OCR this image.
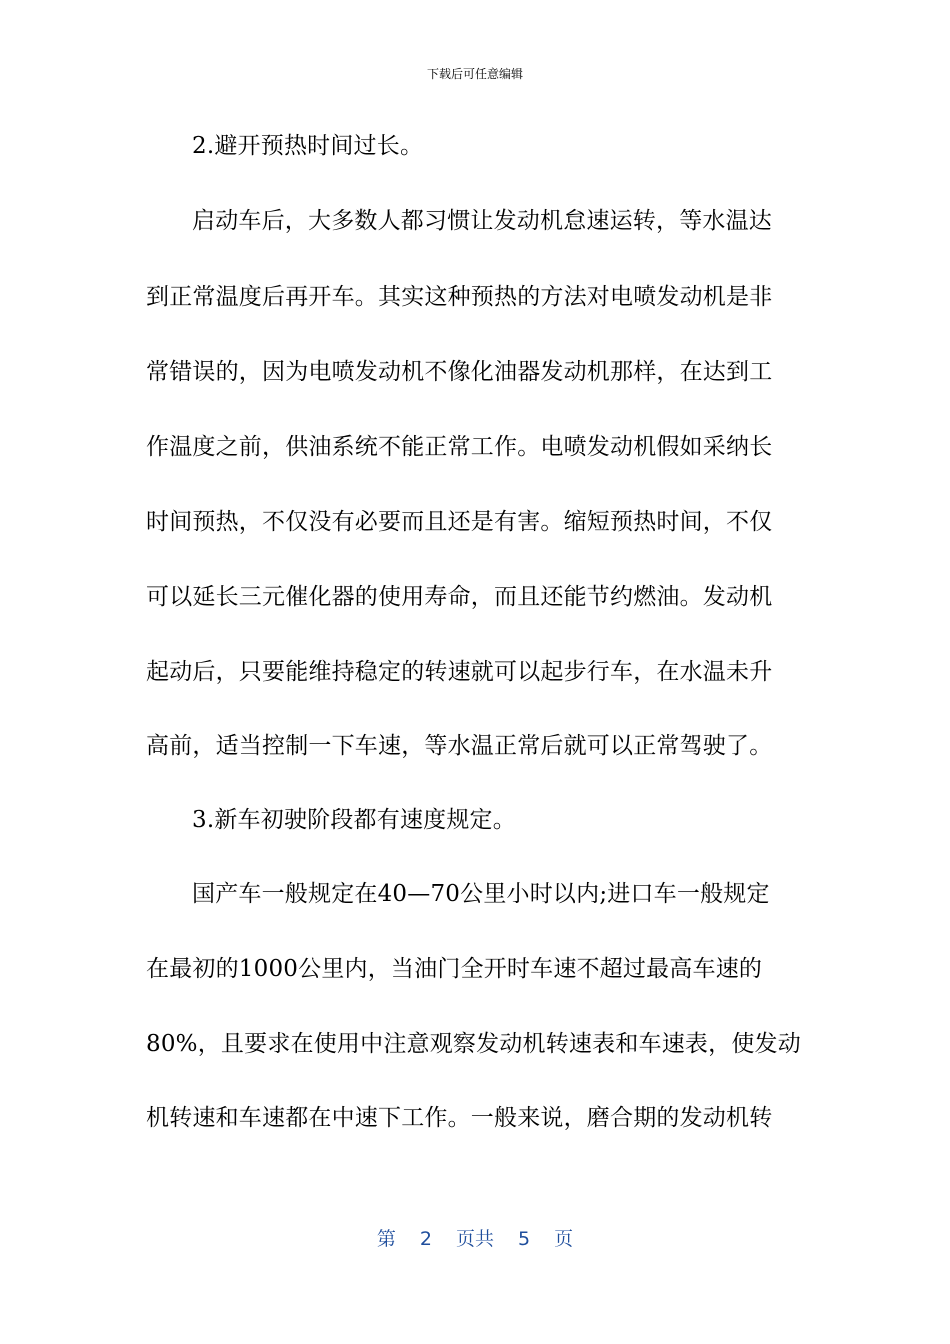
下载后可任意编辑
2.避开预热时间过长。
启动车后，大多数人都习惯让发动机怠速运转，等水温达
到正常温度后再开车。其实这种预热的方法对电喷发动机是非
常错误的，因为电喷发动机不像化油器发动机那样，在达到工
作温度之前，供油系统不能正常工作。电喷发动机假如采纳长
时间预热，不仅没有必要而且还是有害。缩短预热时间，不仅
可以延长三元催化器的使用寿命，而且还能节约燃油。发动机
起动后，只要能维持稳定的转速就可以起步行车，在水温未升
高前，适当控制一下车速，等水温正常后就可以正常驾驶了。
3.新车初驶阶段都有速度规定。
国产车一般规定在40—70公里小时以内;进口车一般规定
在最初的1000公里内，当油门全开时车速不超过最高车速的
80%，且要求在使用中注意观察发动机转速表和车速表，使发动
机转速和车速都在中速下工作。一般来说，磨合期的发动机转
第 2 页共 5 页
